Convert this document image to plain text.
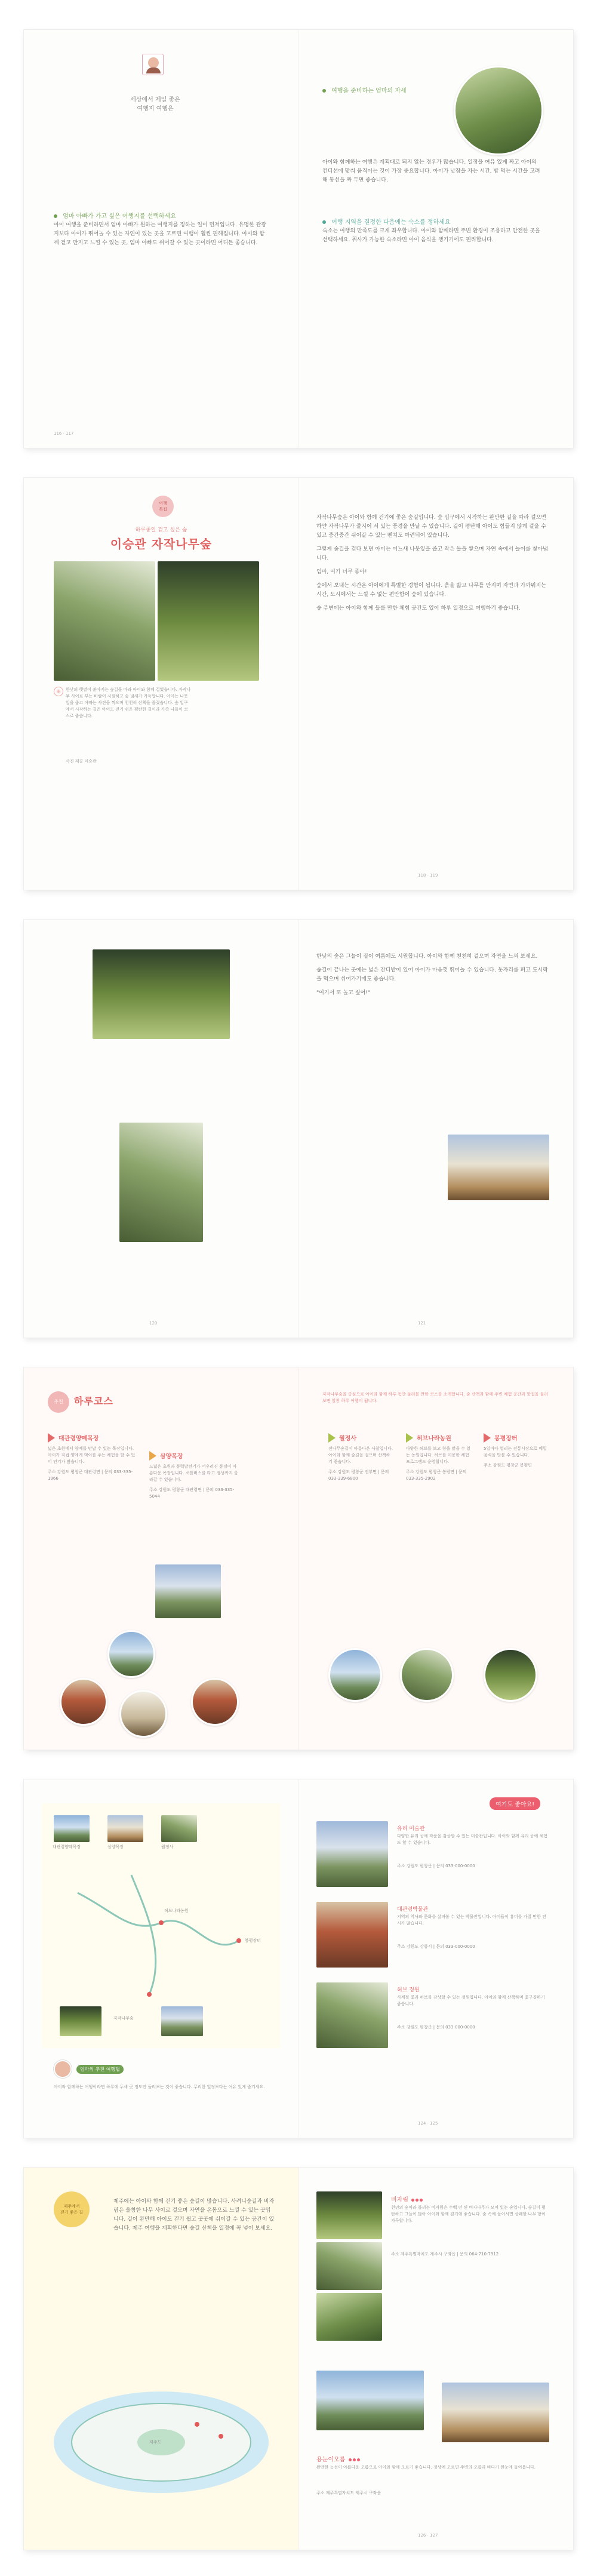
세상에서 제일 좋은
여행지 여행은
엄마 아빠가 가고 싶은 여행지를 선택하세요
아이 여행을 준비하면서 엄마 아빠가 원하는 여행지를 정하는 일이 먼저입니다. 유명한 관광지보다 아이가 뛰어놀 수 있는 자연이 있는 곳을 고르면 여행이 훨씬 편해집니다. 아이와 함께 걷고 만지고 느낄 수 있는 곳, 엄마 아빠도 쉬어갈 수 있는 곳이라면 어디든 좋습니다.
116 · 117
여행을 준비하는 엄마의 자세
아이와 함께하는 여행은 계획대로 되지 않는 경우가 많습니다. 일정을 여유 있게 짜고 아이의 컨디션에 맞춰 움직이는 것이 가장 중요합니다. 아이가 낮잠을 자는 시간, 밥 먹는 시간을 고려해 동선을 짜 두면 좋습니다.
여행 지역을 결정한 다음에는 숙소를 정하세요
숙소는 여행의 만족도를 크게 좌우합니다. 아이와 함께라면 주변 환경이 조용하고 안전한 곳을 선택하세요. 취사가 가능한 숙소라면 아이 음식을 챙기기에도 편리합니다.
여행
특집
하루종일 걷고 싶은 숲
이승관 자작나무숲
◎	한낮의 햇볕이 쏟아지는 숲길을 따라 아이와 함께 걸었습니다. 자작나무 사이로 부는 바람이 시원하고 숲 냄새가 가득합니다. 아이는 나뭇잎을 줍고 아빠는 사진을 찍으며 천천히 산책을 즐겼습니다. 숲 입구에서 시작하는 길은 아이도 걷기 쉬운 평탄한 길이라 가족 나들이 코스로 좋습니다.
사진 제공 이승관

자작나무숲은 아이와 함께 걷기에 좋은 숲길입니다. 숲 입구에서 시작하는 완만한 길을 따라 걸으면 하얀 자작나무가 줄지어 서 있는 풍경을 만날 수 있습니다. 길이 평탄해 아이도 힘들지 않게 걸을 수 있고 중간중간 쉬어갈 수 있는 벤치도 마련되어 있습니다.

그렇게 숲길을 걷다 보면 아이는 어느새 나뭇잎을 줍고 작은 돌을 쌓으며 자연 속에서 놀이를 찾아냅니다.

엄마, 여기 너무 좋아!

숲에서 보내는 시간은 아이에게 특별한 경험이 됩니다. 흙을 밟고 나무를 만지며 자연과 가까워지는 시간, 도시에서는 느낄 수 없는 편안함이 숲에 있습니다.

숲 주변에는 아이와 함께 들를 만한 체험 공간도 있어 하루 일정으로 여행하기 좋습니다.

118 · 119
120

한낮의 숲은 그늘이 짙어 여름에도 시원합니다. 아이와 함께 천천히 걸으며 자연을 느껴 보세요.

숲길이 끝나는 곳에는 넓은 잔디밭이 있어 아이가 마음껏 뛰어놀 수 있습니다. 돗자리를 펴고 도시락을 먹으며 쉬어가기에도 좋습니다.

"여기서 또 놀고 싶어!"

121
추천	하루코스
자작나무숲을 중심으로 아이와 함께 하루 동안 둘러볼 만한 코스를 소개합니다. 숲 산책과 함께 주변 체험 공간과 맛집을 둘러보면 알찬 하루 여행이 됩니다.
대관령양떼목장
넓은 초원에서 양떼를 만날 수 있는 목장입니다. 아이가 직접 양에게 먹이를 주는 체험을 할 수 있어 인기가 많습니다.
주소 강원도 평창군 대관령면 | 문의 033-335-1966
삼양목장
드넓은 초원과 풍력발전기가 어우러진 풍경이 아름다운 목장입니다. 셔틀버스를 타고 정상까지 올라갈 수 있습니다.
주소 강원도 평창군 대관령면 | 문의 033-335-5044
월정사
전나무숲길이 아름다운 사찰입니다. 아이와 함께 숲길을 걸으며 산책하기 좋습니다.
주소 강원도 평창군 진부면 | 문의 033-339-6800
허브나라농원
다양한 허브를 보고 향을 맡을 수 있는 농원입니다. 허브를 이용한 체험 프로그램도 운영합니다.
주소 강원도 평창군 봉평면 | 문의 033-335-2902
봉평장터
5일마다 열리는 전통시장으로 메밀 음식을 맛볼 수 있습니다.
주소 강원도 평창군 봉평면
대관령양떼목장	삼양목장	월정사
허브나라농원
봉평장터
자작나무숲
엄마의 추천 여행팁
아이와 함께하는 여행이라면 하루에 두세 곳 정도만 둘러보는 것이 좋습니다. 무리한 일정보다는 여유 있게 즐기세요.
여기도 좋아요!
유리 미술관
다양한 유리 공예 작품을 감상할 수 있는 미술관입니다. 아이와 함께 유리 공예 체험도 할 수 있습니다.
주소 강원도 평창군 | 문의 033-000-0000
대관령박물관
지역의 역사와 문화를 살펴볼 수 있는 박물관입니다. 아이들이 흥미를 가질 만한 전시가 많습니다.
주소 강원도 강릉시 | 문의 033-000-0000
허브 정원
사계절 꽃과 허브를 감상할 수 있는 정원입니다. 아이와 함께 산책하며 꽃구경하기 좋습니다.
주소 강원도 평창군 | 문의 033-000-0000
124 · 125
제주에서
걷기 좋은 길
제주에는 아이와 함께 걷기 좋은 숲길이 많습니다. 사려니숲길과 비자림은 울창한 나무 사이로 걸으며 자연을 온몸으로 느낄 수 있는 곳입니다. 길이 완만해 아이도 걷기 쉽고 곳곳에 쉬어갈 수 있는 공간이 있습니다. 제주 여행을 계획한다면 숲길 산책을 일정에 꼭 넣어 보세요.
제주도
비자림
천년의 숲이라 불리는 비자림은 수백 년 된 비자나무가 모여 있는 숲입니다. 숲길이 평탄하고 그늘이 많아 아이와 함께 걷기에 좋습니다. 숲 속에 들어서면 상쾌한 나무 향이 가득합니다.
주소 제주특별자치도 제주시 구좌읍 | 문의 064-710-7912
용눈이오름
완만한 능선이 아름다운 오름으로 아이와 함께 오르기 좋습니다. 정상에 오르면 주변의 오름과 바다가 한눈에 들어옵니다.
주소 제주특별자치도 제주시 구좌읍
126 · 127
